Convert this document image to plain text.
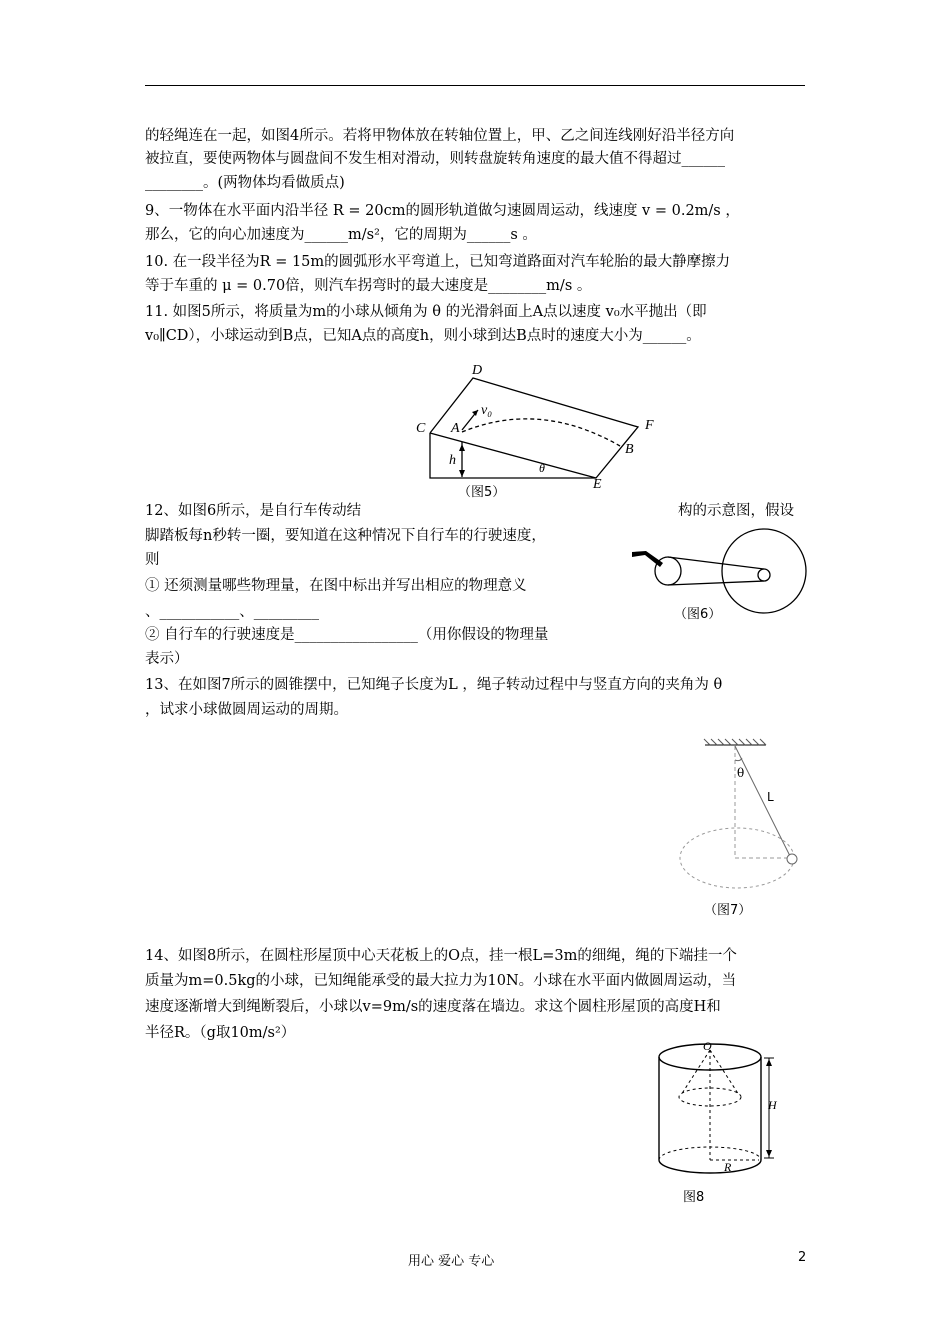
的轻绳连在一起，如图4所示。若将甲物体放在转轴位置上，甲、乙之间连线刚好沿半径方向
被拉直，要使两物体与圆盘间不发生相对滑动，则转盘旋转角速度的最大值不得超过______
________。(两物体均看做质点)
9、一物体在水平面内沿半径 R = 20cm的圆形轨道做匀速圆周运动，线速度 v = 0.2m/s ，
那么，它的向心加速度为______m/s²，它的周期为______s 。
10. 在一段半径为R = 15m的圆弧形水平弯道上，已知弯道路面对汽车轮胎的最大静摩擦力
等于车重的 μ = 0.70倍，则汽车拐弯时的最大速度是________m/s 。
11. 如图5所示，将质量为m的小球从倾角为 θ 的光滑斜面上A点以速度 v₀水平抛出（即
v₀∥CD），小球运动到B点，已知A点的高度h，则小球到达B点时的速度大小为______。
C
D
A
v₀
F
B
h	θ
E
（图5）
12、如图6所示，是自行车传动结	构的示意图，假设
脚踏板每n秒转一圈，要知道在这种情况下自行车的行驶速度，
则
① 还须测量哪些物理量，在图中标出并写出相应的物理意义
、___________、_________
② 自行车的行驶速度是_________________（用你假设的物理量
表示）
（图6）
13、在如图7所示的圆锥摆中，已知绳子长度为L ，绳子转动过程中与竖直方向的夹角为 θ
，试求小球做圆周运动的周期。
θ
L
（图7）
14、如图8所示，在圆柱形屋顶中心天花板上的O点，挂一根L=3m的细绳，绳的下端挂一个
质量为m=0.5kg的小球，已知绳能承受的最大拉力为10N。小球在水平面内做圆周运动，当
速度逐渐增大到绳断裂后，小球以v=9m/s的速度落在墙边。求这个圆柱形屋顶的高度H和
半径R。（g取10m/s²）
O
H
R
图8
用心 爱心 专心	2
